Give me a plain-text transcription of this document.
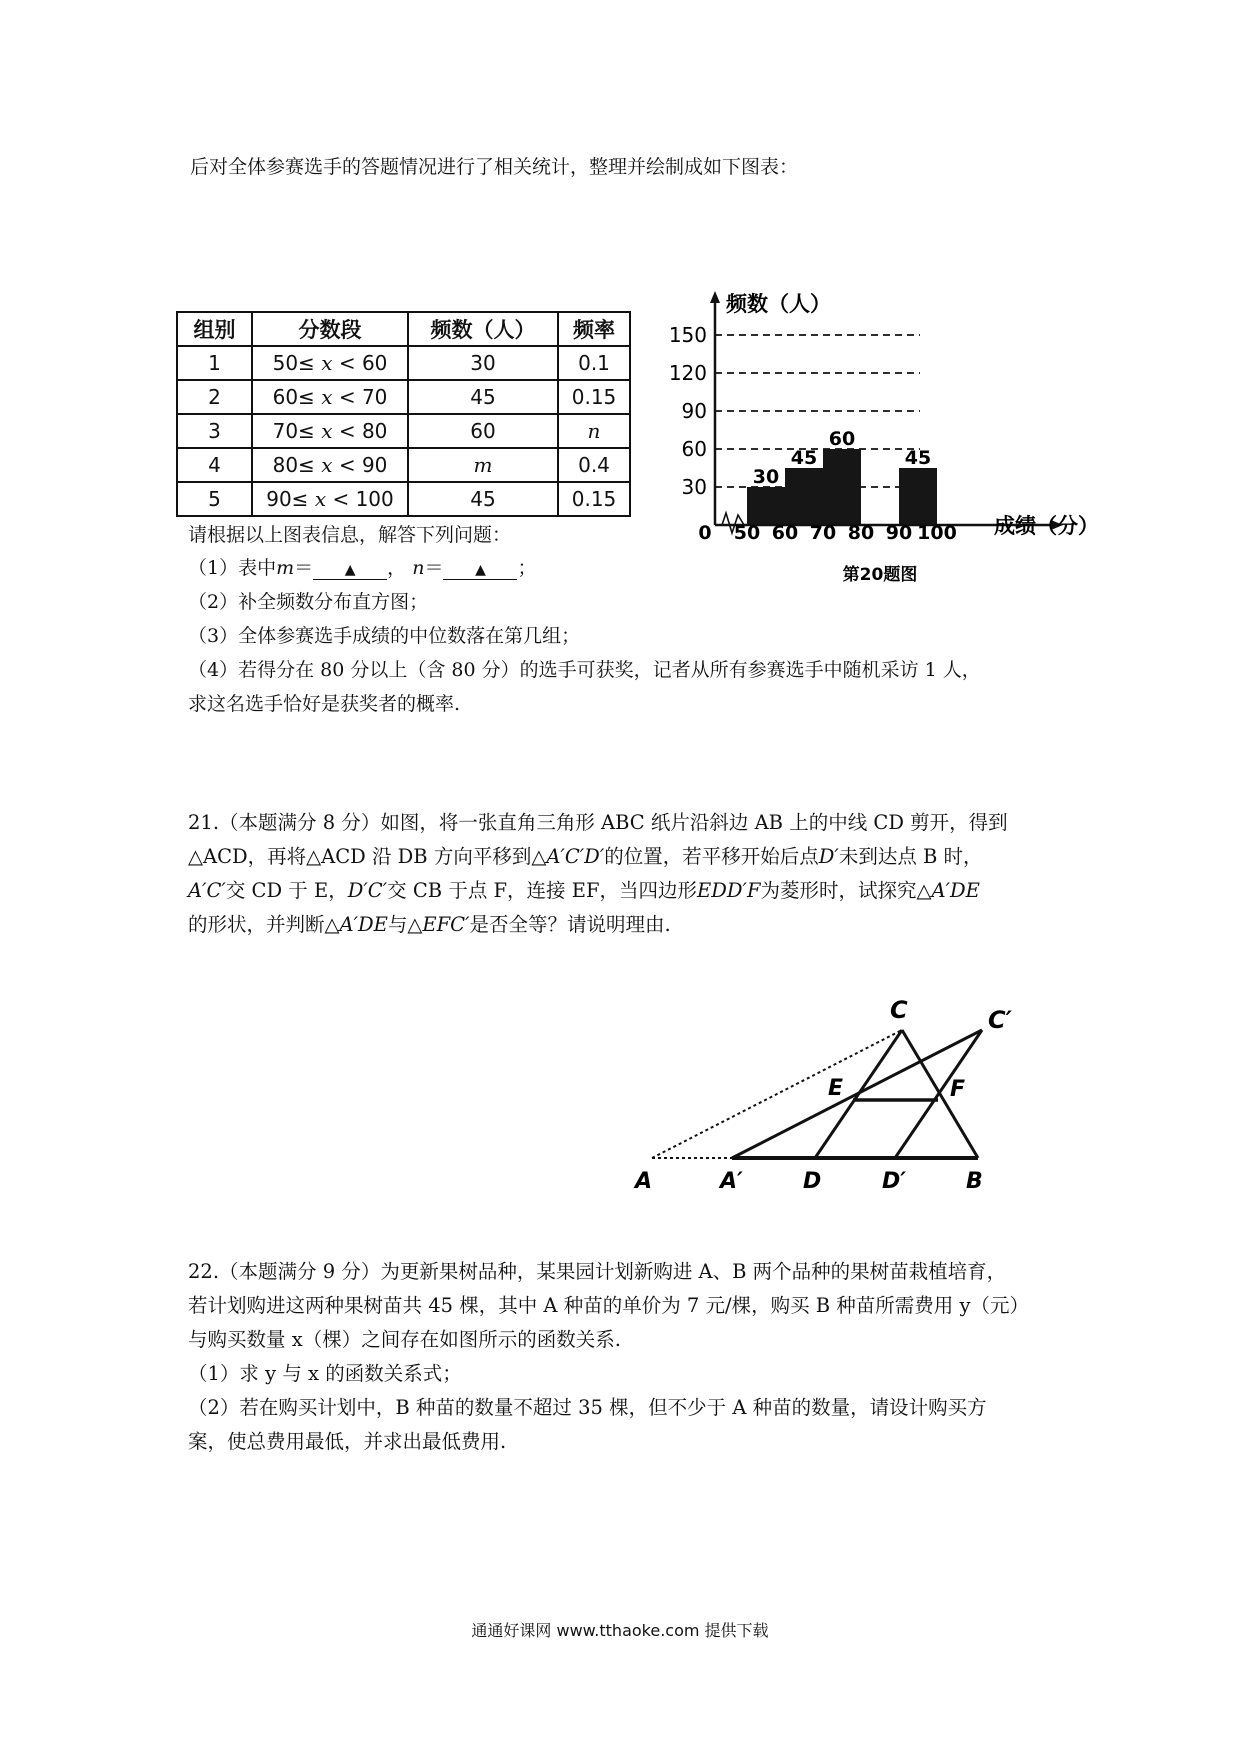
后对全体参赛选手的答题情况进行了相关统计，整理并绘制成如下图表：
组别	分数段	频数（人）	频率
1	50≤ x < 60	30	0.1
2	60≤ x < 70	45	0.15
3	70≤ x < 80	60	n
4	80≤ x < 90	m	0.4
5	90≤ x < 100	45	0.15
频数（人）
成绩（分）
30
60
90
120
150
0 50 60 70 80 90 100
30
45
60
45
第20题图
请根据以上图表信息，解答下列问题：
（1）表中m＝ ▲ ， n＝ ▲ ；
（2）补全频数分布直方图；
（3）全体参赛选手成绩的中位数落在第几组；
（4）若得分在 80 分以上（含 80 分）的选手可获奖，记者从所有参赛选手中随机采访 1 人，
求这名选手恰好是获奖者的概率.

21.（本题满分 8 分）如图，将一张直角三角形 ABC 纸片沿斜边 AB 上的中线 CD 剪开，得到

△ACD，再将△ACD 沿 DB 方向平移到△A′C′D′的位置，若平移开始后点D′未到达点 B 时，

A′C′交 CD 于 E，D′C′交 CB 于点 F，连接 EF，当四边形EDD′F为菱形时，试探究△A′DE

的形状，并判断△A′DE与△EFC′是否全等？请说明理由.

A	A′	D	D′	B
C	C′
E	F

22.（本题满分 9 分）为更新果树品种，某果园计划新购进 A、B 两个品种的果树苗栽植培育，

若计划购进这两种果树苗共 45 棵，其中 A 种苗的单价为 7 元/棵，购买 B 种苗所需费用 y（元）

与购买数量 x（棵）之间存在如图所示的函数关系.

（1）求 y 与 x 的函数关系式；

（2）若在购买计划中，B 种苗的数量不超过 35 棵，但不少于 A 种苗的数量，请设计购买方

案，使总费用最低，并求出最低费用.

通通好课网 www.tthaoke.com 提供下载
